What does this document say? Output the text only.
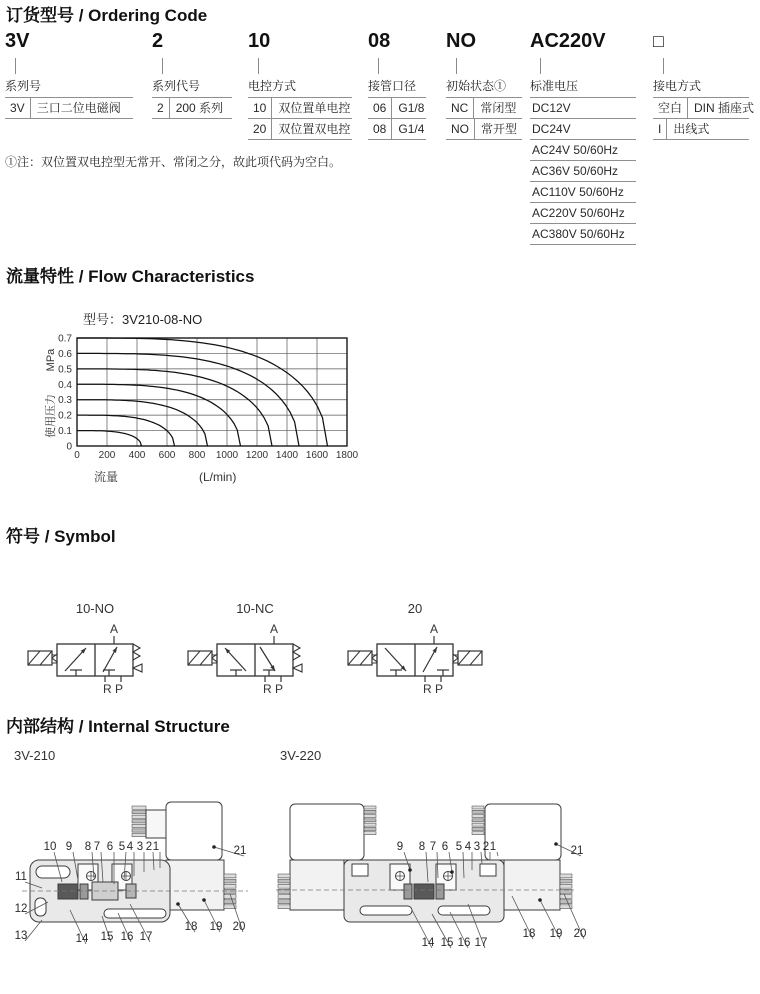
订货型号 / Ordering Code
3V
系列号
3V	三口二位电磁阀
2
系列代号
2	200 系列
10
电控方式
10	双位置单电控
20	双位置双电控
08
接管口径
06	G1/8
08	G1/4
NO
初始状态①
NC	常闭型
NO	常开型
AC220V
标准电压
DC12V
DC24V
AC24V 50/60Hz
AC36V 50/60Hz
AC110V 50/60Hz
AC220V 50/60Hz
AC380V 50/60Hz
□
接电方式
空白	DIN 插座式
I	出线式
①注：双位置双电控型无常开、常闭之分，故此项代码为空白。
流量特性 / Flow Characteristics
型号：3V210-08-NO
0
0.1
0.2
0.3
0.4
0.5
0.6
0.7
0 200 400 600 800 1000 1200 1400 1600 1800
MPa
使用压力
流量	(L/min)
符号 / Symbol
10-NO
A
R P
10-NC
A
R P
20
A
R P
内部结构 / Internal Structure
3V-210	3V-220
10 9 8 7 6 5 4 3 2 1
11
12
13	14 15 16 17
18 19 20
21	9 8 7 6 5 4 3 2 1
14 15 16 17
18 19 20
21
